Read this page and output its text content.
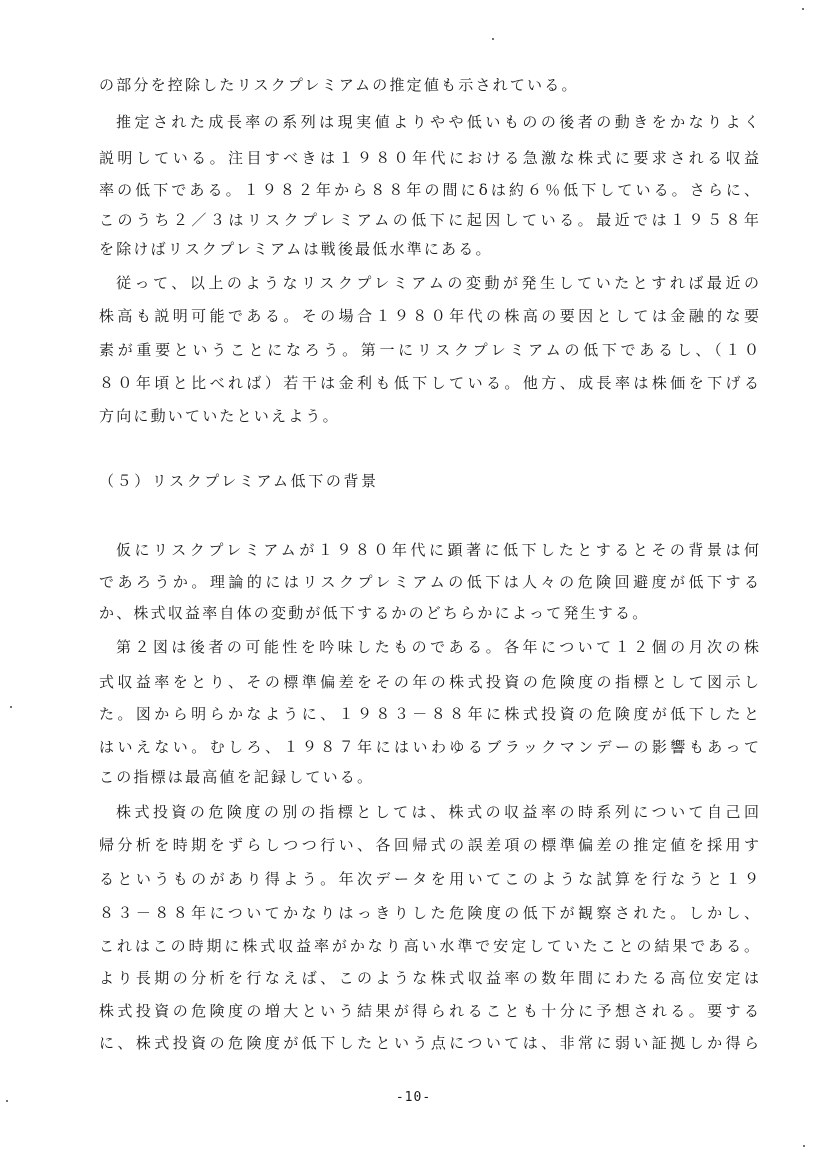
の部分を控除したリスクプレミアムの推定値も示されている。
推定された成長率の系列は現実値よりやや低いものの後者の動きをかなりよく
説明している。注目すべきは１９８０年代における急激な株式に要求される収益
率の低下である。１９８２年から８８年の間にδは約６％低下している。さらに、
このうち２／３はリスクプレミアムの低下に起因している。最近では１９５８年
を除けばリスクプレミアムは戦後最低水準にある。
従って、以上のようなリスクプレミアムの変動が発生していたとすれば最近の
株高も説明可能である。その場合１９８０年代の株高の要因としては金融的な要
素が重要ということになろう。第一にリスクプレミアムの低下であるし、（１０
８０年頃と比べれば）若干は金利も低下している。他方、成長率は株価を下げる
方向に動いていたといえよう。
（５）リスクプレミアム低下の背景
仮にリスクプレミアムが１９８０年代に顕著に低下したとするとその背景は何
であろうか。理論的にはリスクプレミアムの低下は人々の危険回避度が低下する
か、株式収益率自体の変動が低下するかのどちらかによって発生する。
第２図は後者の可能性を吟味したものである。各年について１２個の月次の株
式収益率をとり、その標準偏差をその年の株式投資の危険度の指標として図示し
た。図から明らかなように、１９８３－８８年に株式投資の危険度が低下したと
はいえない。むしろ、１９８７年にはいわゆるブラックマンデーの影響もあって
この指標は最高値を記録している。
株式投資の危険度の別の指標としては、株式の収益率の時系列について自己回
帰分析を時期をずらしつつ行い、各回帰式の誤差項の標準偏差の推定値を採用す
るというものがあり得よう。年次データを用いてこのような試算を行なうと１９
８３－８８年についてかなりはっきりした危険度の低下が観察された。しかし、
これはこの時期に株式収益率がかなり高い水準で安定していたことの結果である。
より長期の分析を行なえば、このような株式収益率の数年間にわたる高位安定は
株式投資の危険度の増大という結果が得られることも十分に予想される。要する
に、株式投資の危険度が低下したという点については、非常に弱い証拠しか得ら
-10-
